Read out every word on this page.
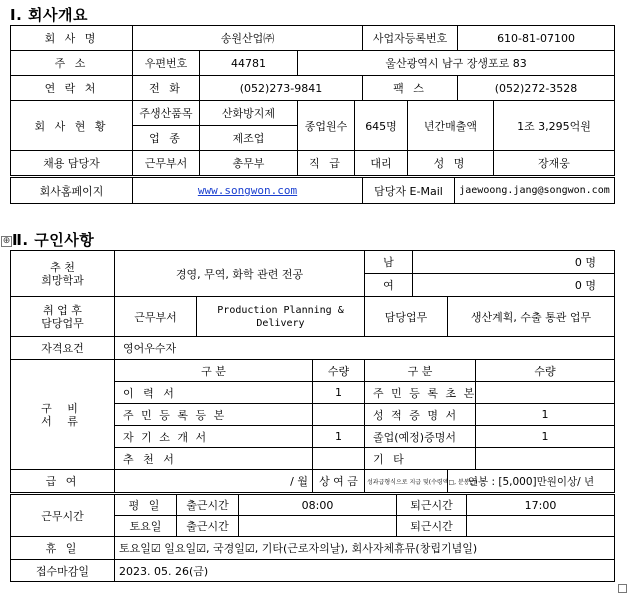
Ⅰ. 회사개요
회 사 명	송원산업㈜			사업자등록번호	610-81-07100
주 소	우편번호	44781	울산광역시 남구 장생포로 83		
연 락 처	전 화	(052)273-9841		팩 스	(052)272-3528
회 사 현 황	주생산품목	산화방지제	종업원수	645명	년간매출액	1조 3,295억원
	업 종	제조업				
채용 담당자	근무부서	총무부	직 급	대리	성 명	장재웅
회사홈페이지	www.songwon.com	담당자 E-Mail	jaewoong.jang@songwon.com
⊕ Ⅱ. 구인사항
추 천
희망학과	경영, 무역, 화학 관련 전공			남	0 명		
				여	0 명		

취 업 후
담당업무	근무부서	Production Planning & Delivery		담당업무		생산계획, 수출 통관 업무	
자격요건	영어우수자						

구 비
서 류	구 분		수량	구 분			수량
	이 력 서		1	주 민 등 록 초 본			
	주 민 등 록 등 본			성 적 증 명 서			1
	자 기 소 개 서		1	졸업(예정)증명서			1
	추 천 서			기 타			
급 여	/ 월		상 여 금	성과급형식으로 지급 및(수령액□, 분봉□)		연봉 : [5,000]만원이상/ 년	
근무시간	평 일	출근시간	08:00	퇴근시간	17:00
	토요일	출근시간		퇴근시간	
휴 일	토요일☑ 일요일☑, 국경일☑, 기타(근로자의날), 회사자체휴뮤(창립기념일)				
접수마감일	2023. 05. 26(금)				
